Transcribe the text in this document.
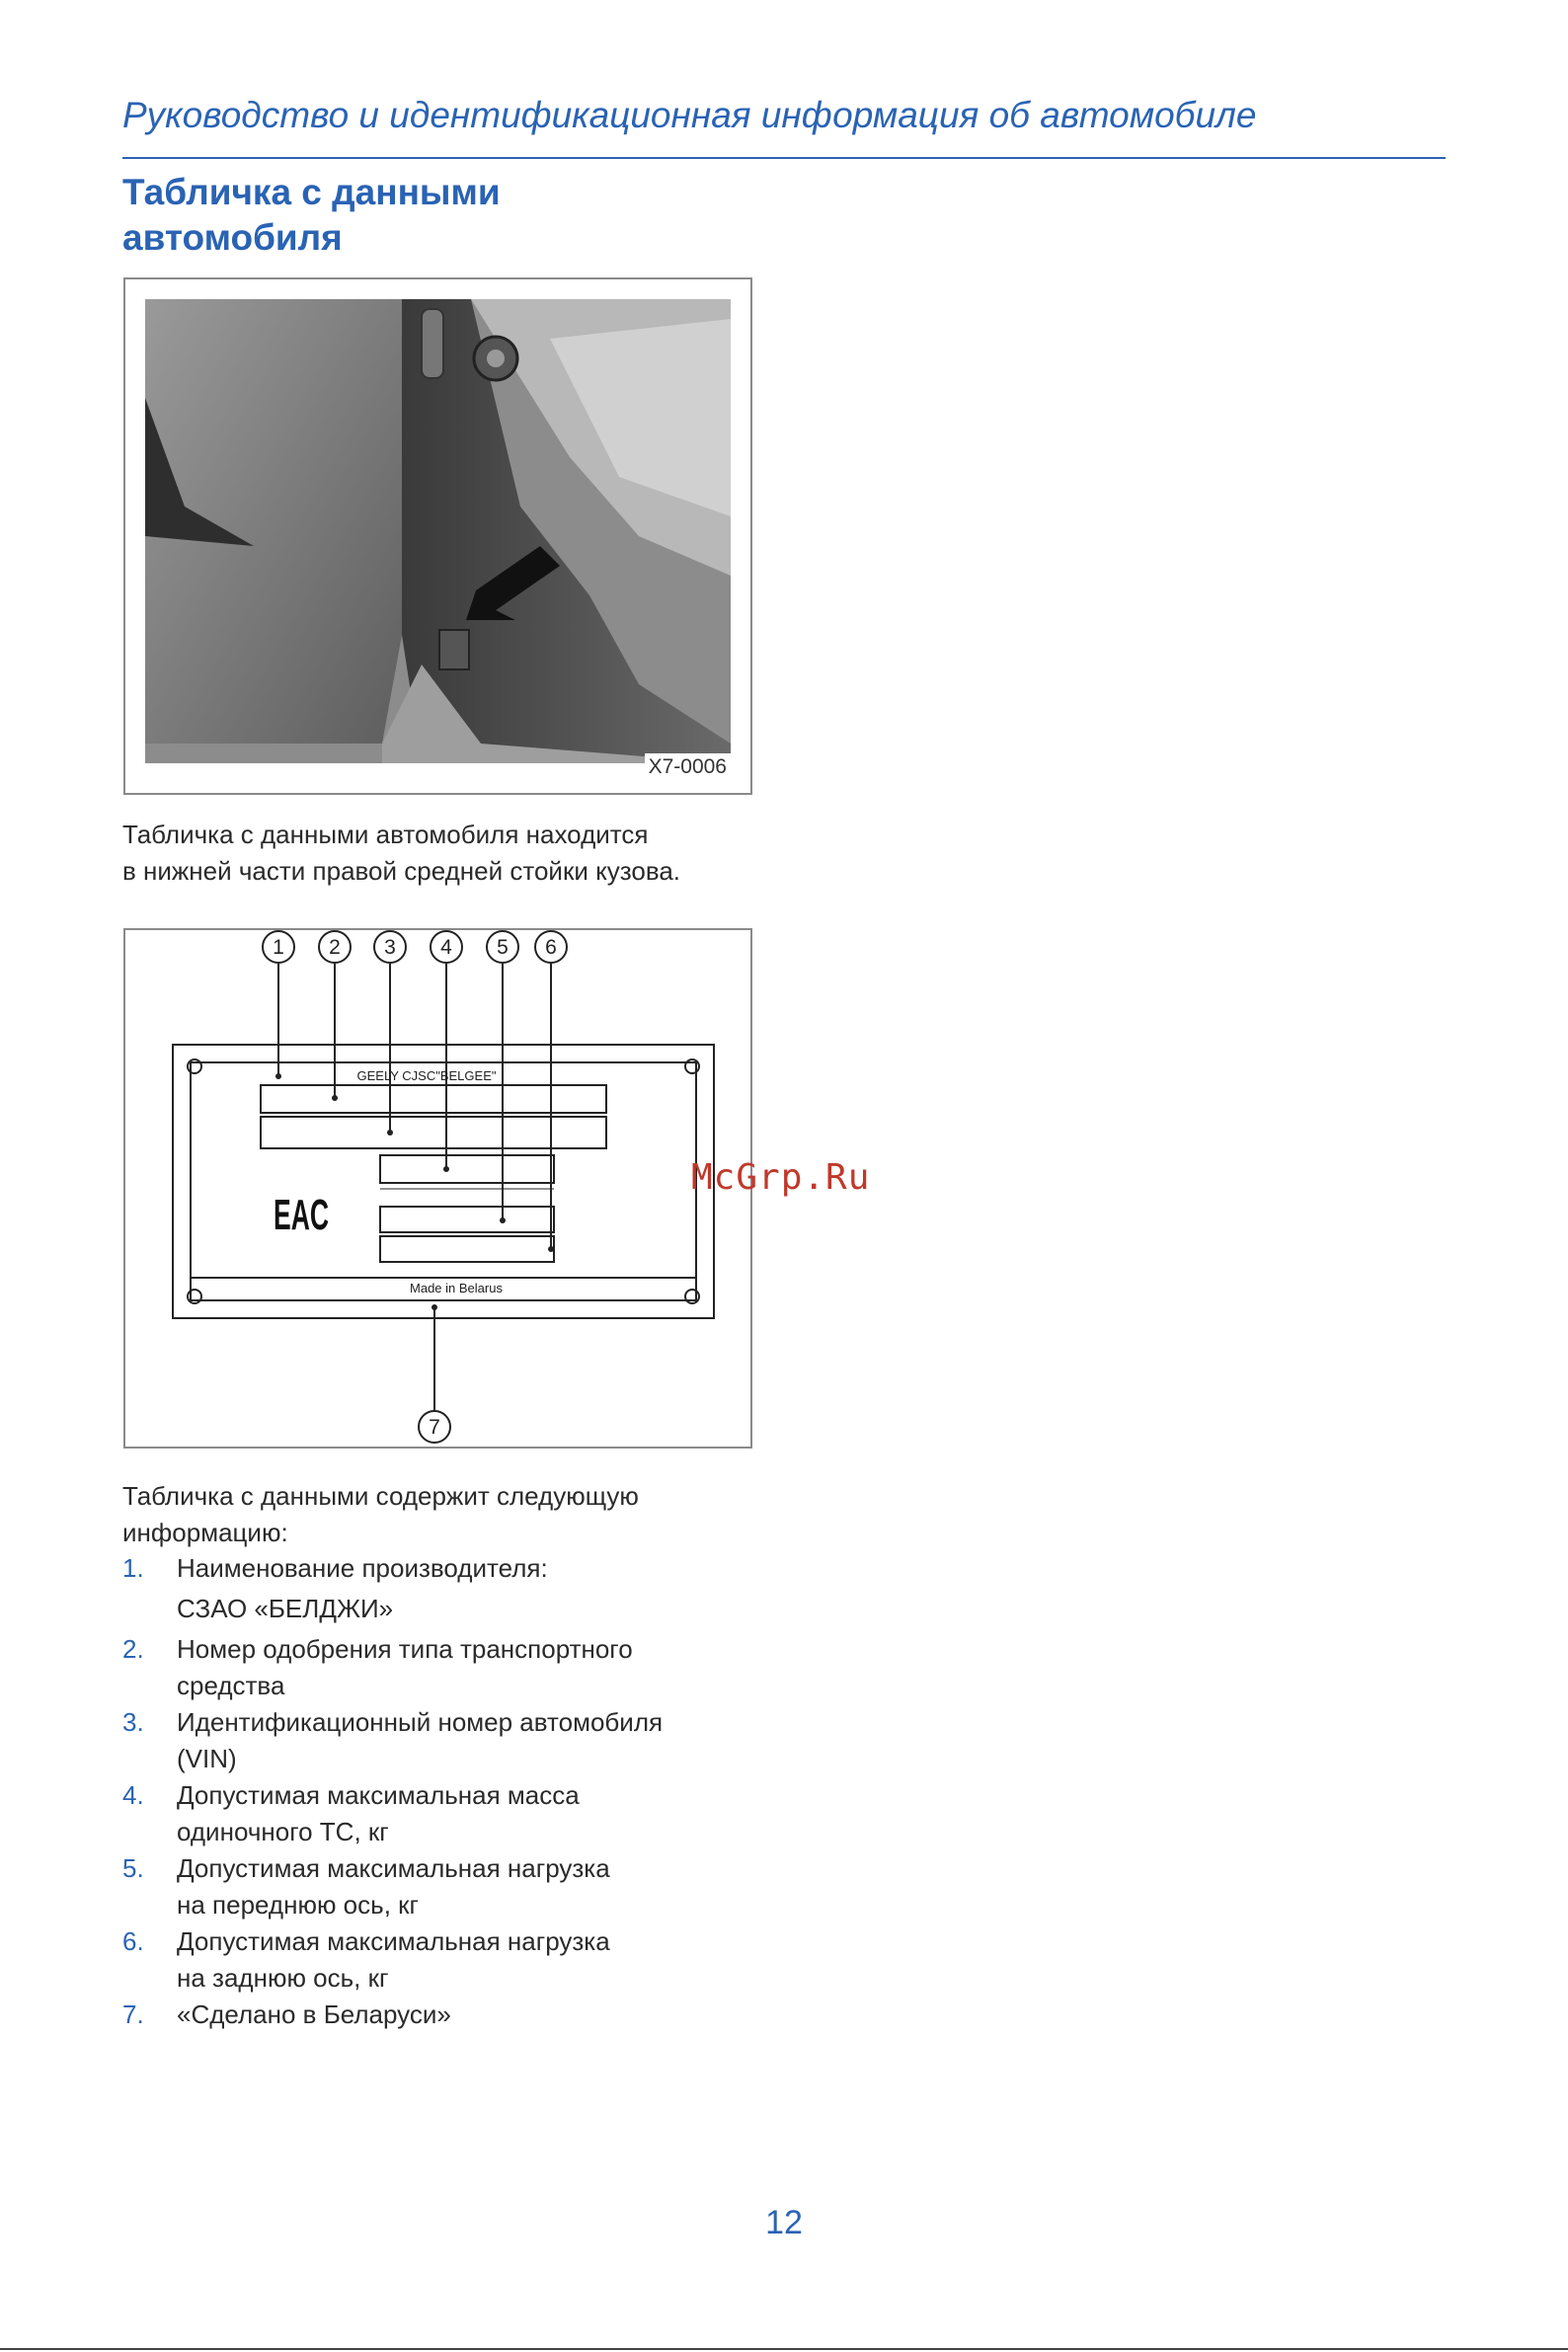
Руководство и идентификационная информация об автомобиле
Табличка с данными
автомобиля
X7-0006
Табличка с данными автомобиля находится
в нижней части правой средней стойки кузова.
1 2 3 4 5 6
7
GEELY CJSC"BELGEE"
EAC
Made in Belarus
McGrp.Ru
Табличка с данными содержит следующую
информацию:
1. Наименование производителя:
СЗАО «БЕЛДЖИ»
2. Номер одобрения типа транспортного
средства
3. Идентификационный номер автомобиля
(VIN)
4. Допустимая максимальная масса
одиночного ТС, кг
5. Допустимая максимальная нагрузка
на переднюю ось, кг
6. Допустимая максимальная нагрузка
на заднюю ось, кг
7. «Сделано в Беларуси»
12
